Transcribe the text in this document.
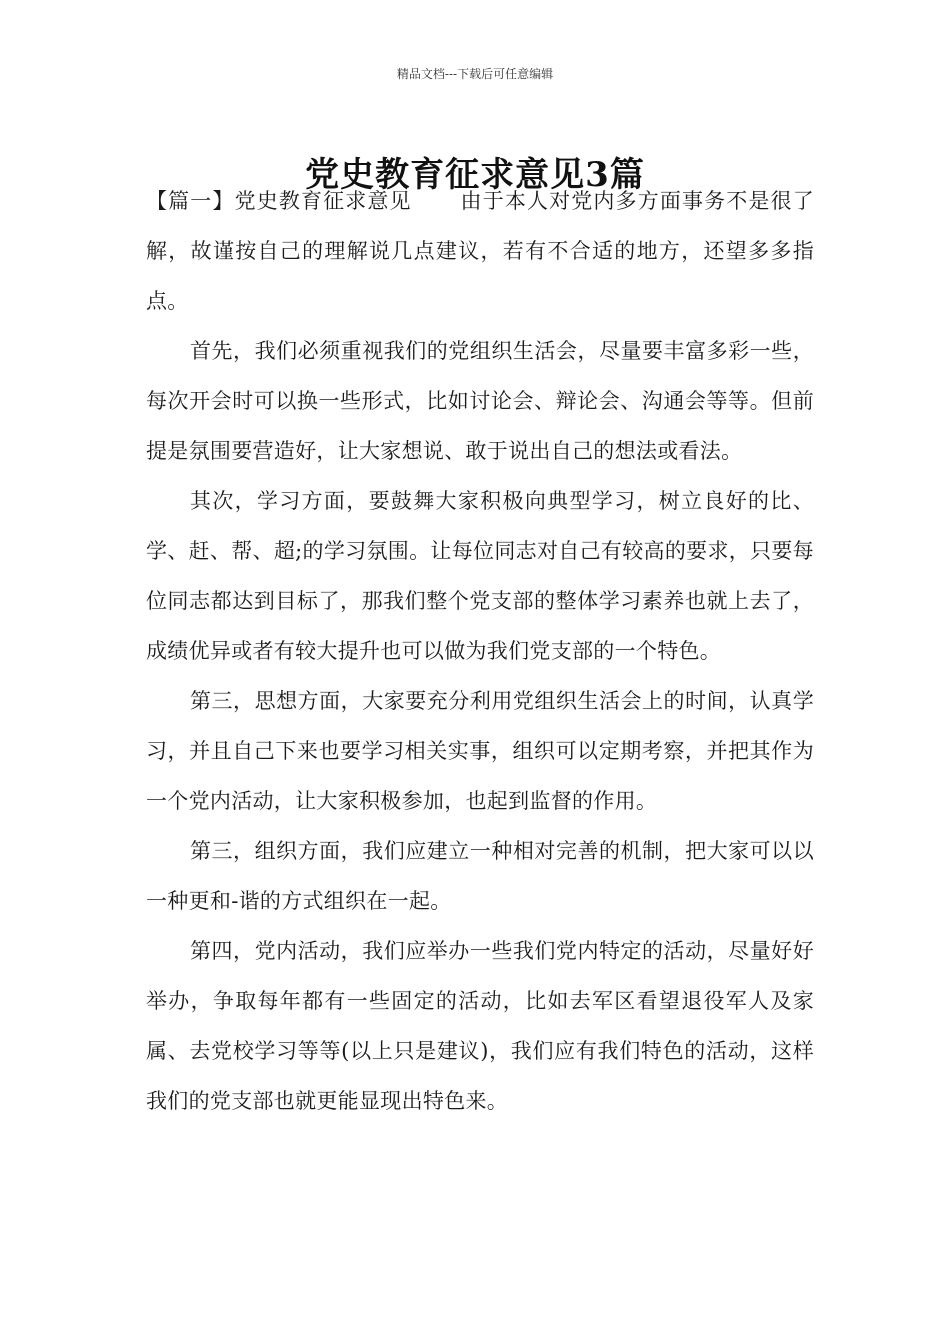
精品文档---下载后可任意编辑
党史教育征求意见3篇

【篇一】党史教育征求意见 由于本人对党内多方面事务不是很了解，故谨按自己的理解说几点建议，若有不合适的地方，还望多多指点。

首先，我们必须重视我们的党组织生活会，尽量要丰富多彩一些，每次开会时可以换一些形式，比如讨论会、辩论会、沟通会等等。但前提是氛围要营造好，让大家想说、敢于说出自己的想法或看法。

其次，学习方面，要鼓舞大家积极向典型学习，树立良好的比、学、赶、帮、超;的学习氛围。让每位同志对自己有较高的要求，只要每位同志都达到目标了，那我们整个党支部的整体学习素养也就上去了，成绩优异或者有较大提升也可以做为我们党支部的一个特色。

第三，思想方面，大家要充分利用党组织生活会上的时间，认真学习，并且自己下来也要学习相关实事，组织可以定期考察，并把其作为一个党内活动，让大家积极参加，也起到监督的作用。

第三，组织方面，我们应建立一种相对完善的机制，把大家可以以一种更和-谐的方式组织在一起。

第四，党内活动，我们应举办一些我们党内特定的活动，尽量好好举办，争取每年都有一些固定的活动，比如去军区看望退役军人及家属、去党校学习等等(以上只是建议)，我们应有我们特色的活动，这样我们的党支部也就更能显现出特色来。
